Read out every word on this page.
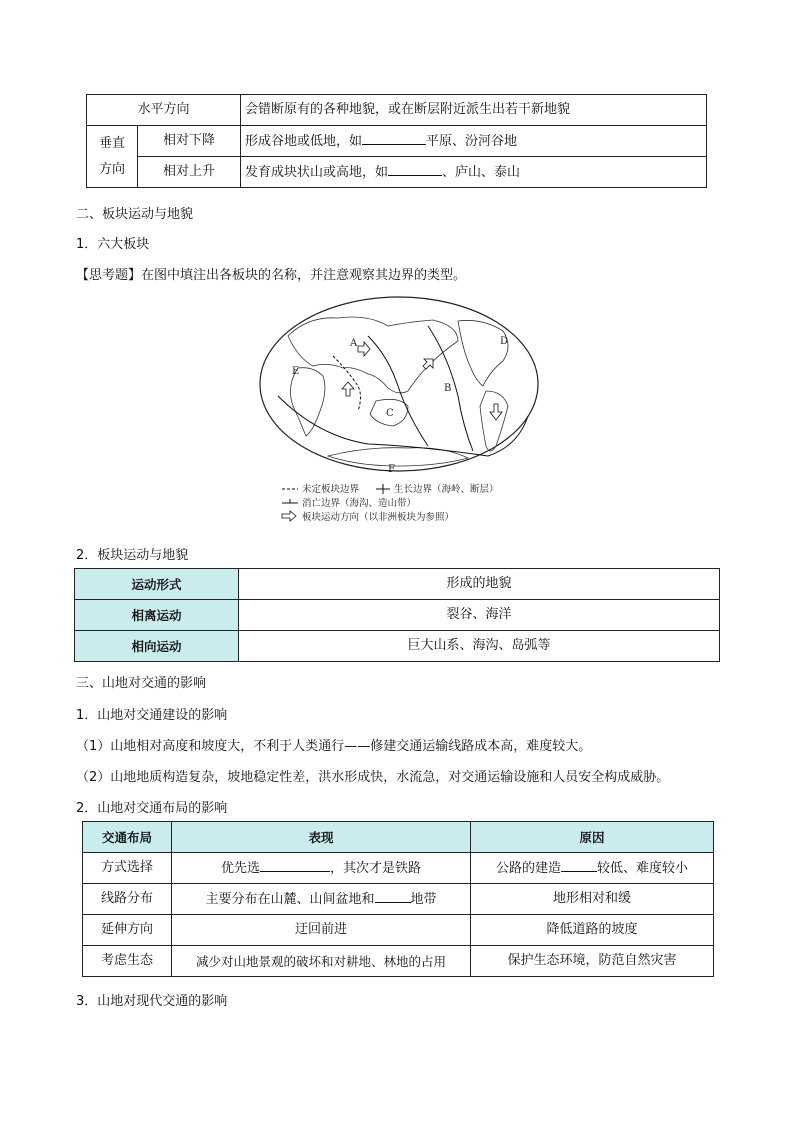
水平方向		会错断原有的各种地貌，或在断层附近派生出若干新地貌
垂直
方向	相对下降	形成谷地或低地，如 平原、汾河谷地
	相对上升	发育成块状山或高地，如 、庐山、泰山
二、板块运动与地貌
1．六大板块
【思考题】在图中填注出各板块的名称，并注意观察其边界的类型。
A
B
C
D
E
F
未定板块边界	生长边界（海岭、断层）
消亡边界（海沟、造山带）
板块运动方向（以非洲板块为参照）
2．板块运动与地貌
运动形式	形成的地貌
相离运动	裂谷、海洋
相向运动	巨大山系、海沟、岛弧等
三、山地对交通的影响
1．山地对交通建设的影响
（1）山地相对高度和坡度大，不利于人类通行——修建交通运输线路成本高，难度较大。
（2）山地地质构造复杂，坡地稳定性差，洪水形成快，水流急，对交通运输设施和人员安全构成威胁。
2．山地对交通布局的影响
交通布局	表现	原因
方式选择	优先选 ，其次才是铁路	公路的建造 较低、难度较小
线路分布	主要分布在山麓、山间盆地和 地带	地形相对和缓
延伸方向	迂回前进	降低道路的坡度
考虑生态	减少对山地景观的破坏和对耕地、林地的占用	保护生态环境，防范自然灾害
3．山地对现代交通的影响
